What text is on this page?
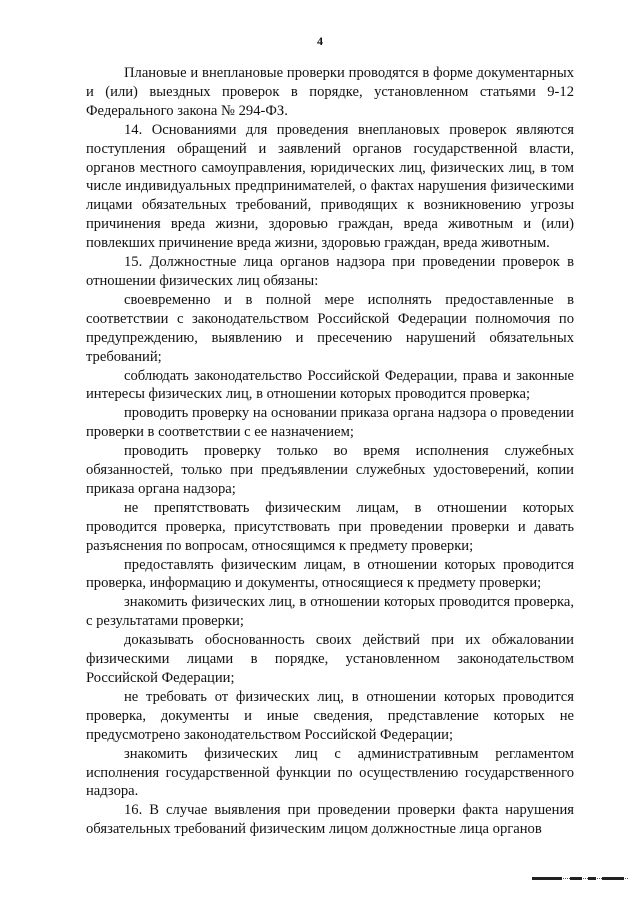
4

Плановые и внеплановые проверки проводятся в форме документарных и (или) выездных проверок в порядке, установленном статьями 9-12 Федерального закона № 294-ФЗ.

14. Основаниями для проведения внеплановых проверок являются поступления обращений и заявлений органов государственной власти, органов местного самоуправления, юридических лиц, физических лиц, в том числе индивидуальных предпринимателей, о фактах нарушения физическими лицами обязательных требований, приводящих к возникновению угрозы причинения вреда жизни, здоровью граждан, вреда животным и (или) повлекших причинение вреда жизни, здоровью граждан, вреда животным.

15. Должностные лица органов надзора при проведении проверок в отношении физических лиц обязаны:

своевременно и в полной мере исполнять предоставленные в соответствии с законодательством Российской Федерации полномочия по предупреждению, выявлению и пресечению нарушений обязательных требований;

соблюдать законодательство Российской Федерации, права и законные интересы физических лиц, в отношении которых проводится проверка;

проводить проверку на основании приказа органа надзора о проведении проверки в соответствии с ее назначением;

проводить проверку только во время исполнения служебных обязанностей, только при предъявлении служебных удостоверений, копии приказа органа надзора;

не препятствовать физическим лицам, в отношении которых проводится проверка, присутствовать при проведении проверки и давать разъяснения по вопросам, относящимся к предмету проверки;

предоставлять физическим лицам, в отношении которых проводится проверка, информацию и документы, относящиеся к предмету проверки;

знакомить физических лиц, в отношении которых проводится проверка, с результатами проверки;

доказывать обоснованность своих действий при их обжаловании физическими лицами в порядке, установленном законодательством Российской Федерации;

не требовать от физических лиц, в отношении которых проводится проверка, документы и иные сведения, представление которых не предусмотрено законодательством Российской Федерации;

знакомить физических лиц с административным регламентом исполнения государственной функции по осуществлению государственного надзора.

16. В случае выявления при проведении проверки факта нарушения обязательных требований физическим лицом должностные лица органов
